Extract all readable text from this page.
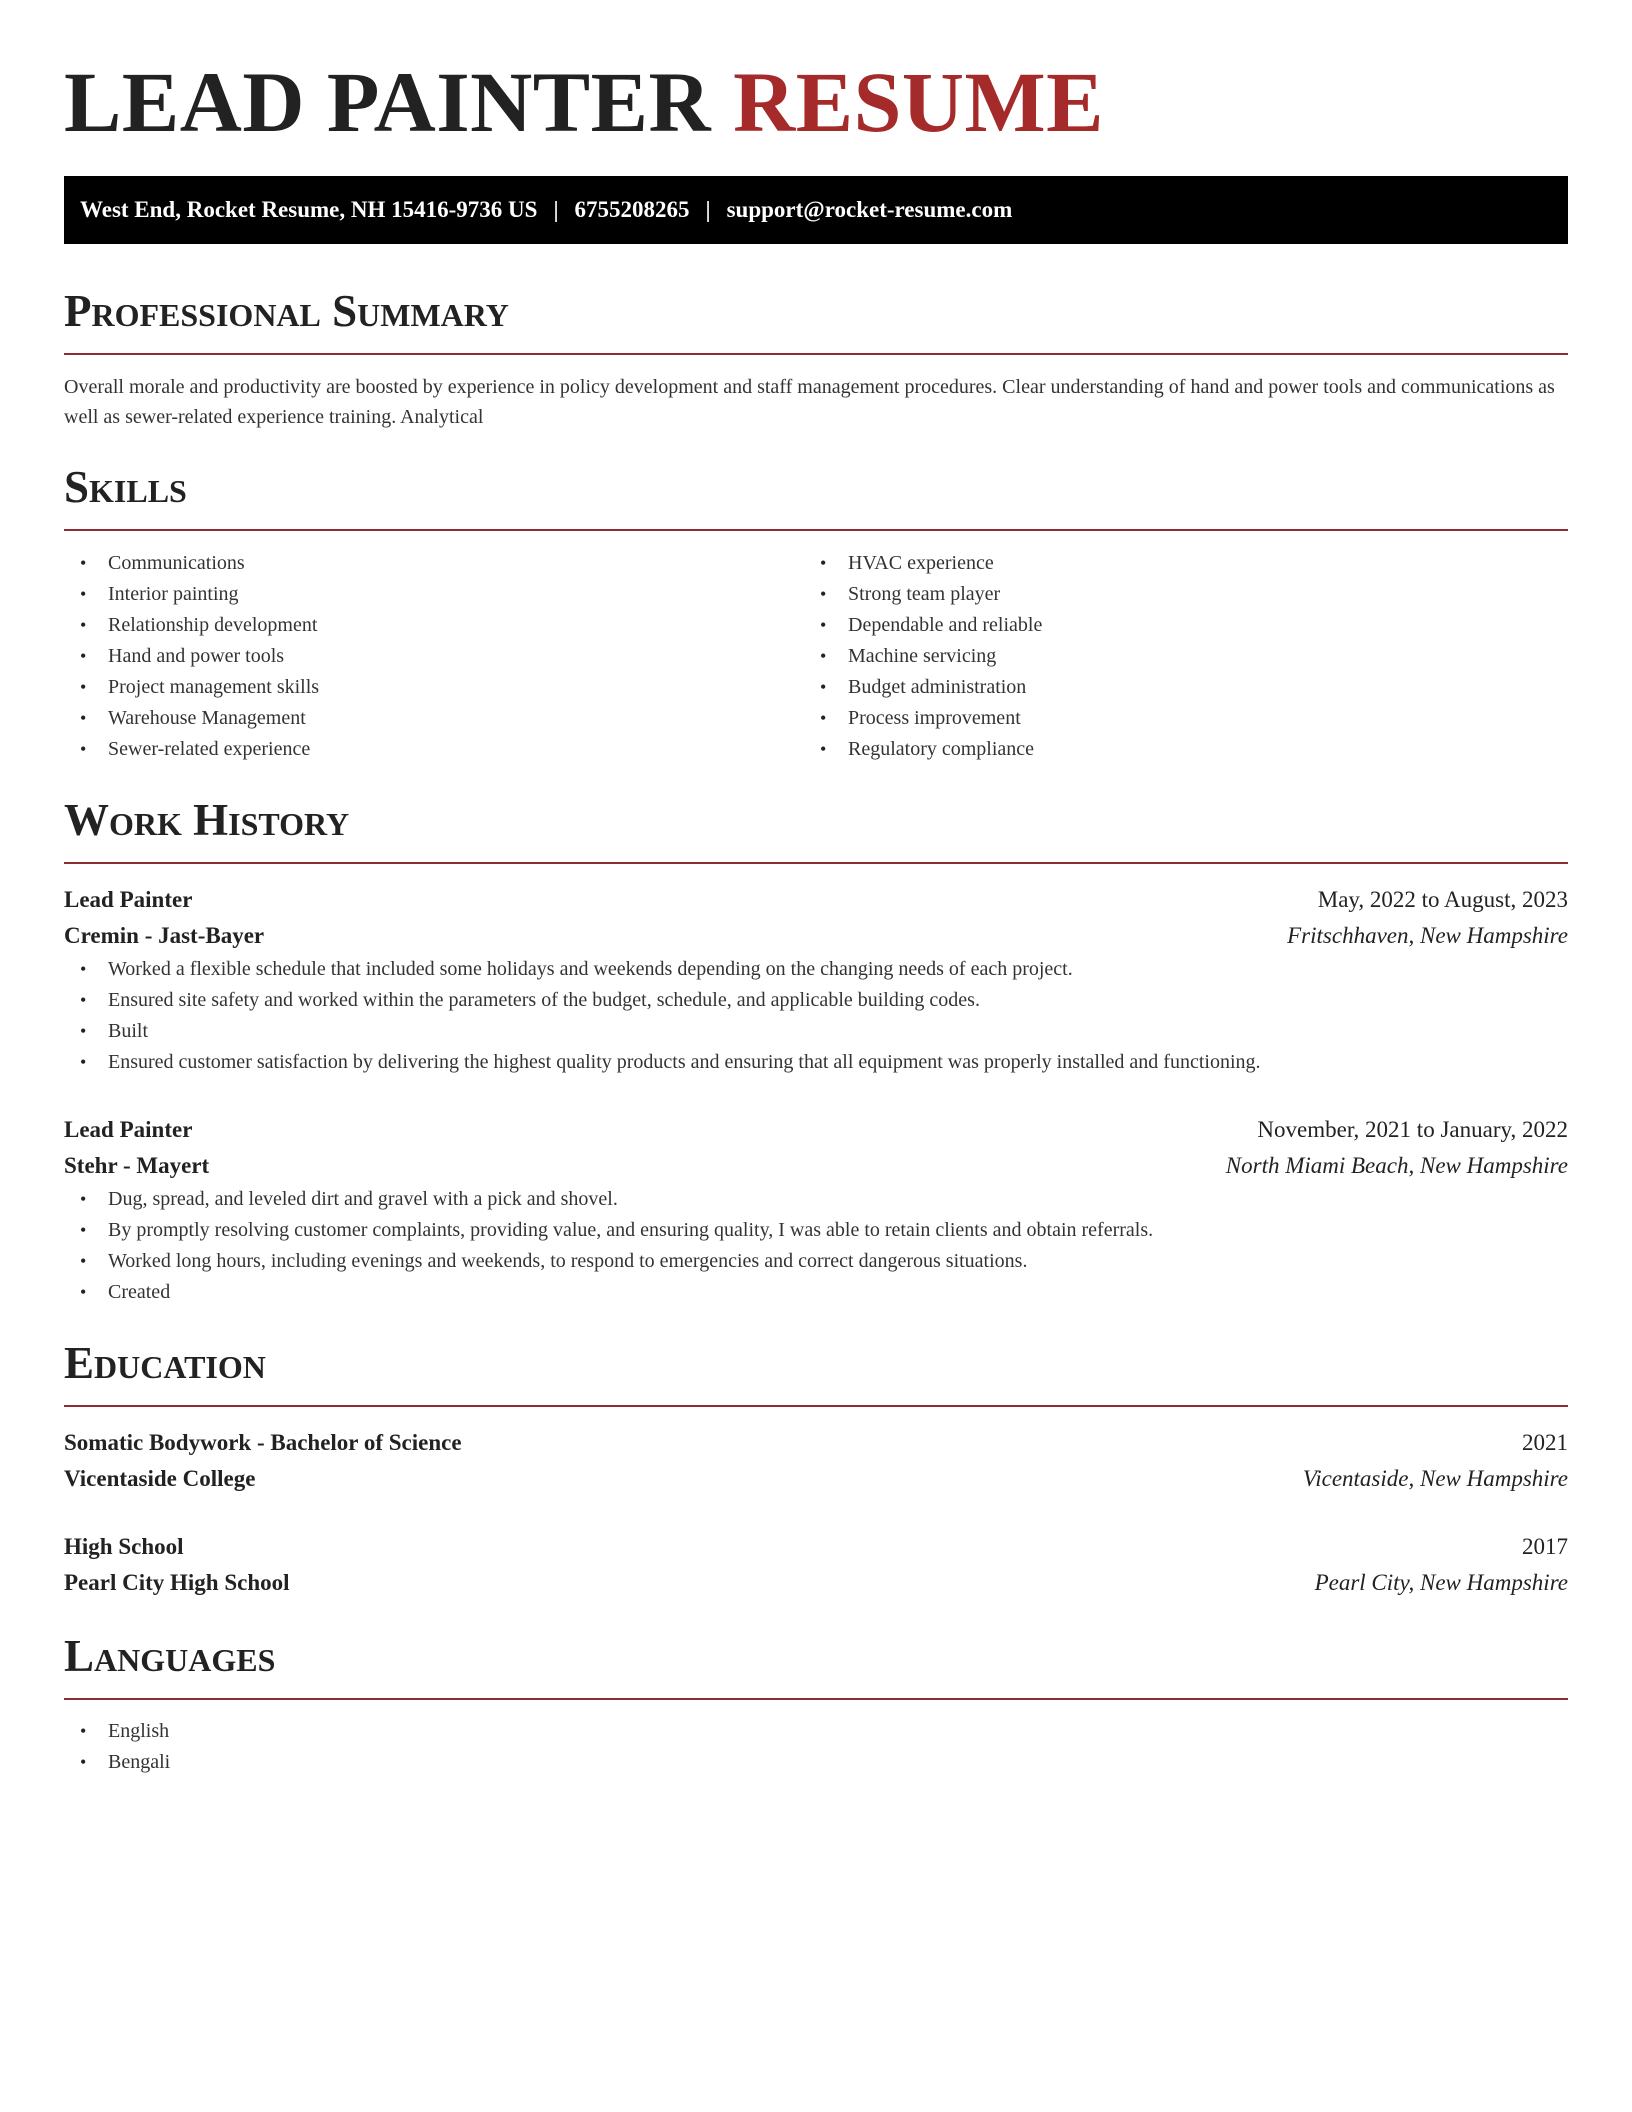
LEAD PAINTER RESUME
West End, Rocket Resume, NH 15416-9736 US | 6755208265 | support@rocket-resume.com
Professional Summary
Overall morale and productivity are boosted by experience in policy development and staff management procedures. Clear understanding of hand and power tools and communications as well as sewer-related experience training. Analytical
Skills
• Communications
• Interior painting
• Relationship development
• Hand and power tools
• Project management skills
• Warehouse Management
• Sewer-related experience
• HVAC experience
• Strong team player
• Dependable and reliable
• Machine servicing
• Budget administration
• Process improvement
• Regulatory compliance
Work History
Lead Painter	May, 2022 to August, 2023
Cremin - Jast-Bayer	Fritschhaven, New Hampshire
• Worked a flexible schedule that included some holidays and weekends depending on the changing needs of each project.
• Ensured site safety and worked within the parameters of the budget, schedule, and applicable building codes.
• Built
• Ensured customer satisfaction by delivering the highest quality products and ensuring that all equipment was properly installed and functioning.
Lead Painter	November, 2021 to January, 2022
Stehr - Mayert	North Miami Beach, New Hampshire
• Dug, spread, and leveled dirt and gravel with a pick and shovel.
• By promptly resolving customer complaints, providing value, and ensuring quality, I was able to retain clients and obtain referrals.
• Worked long hours, including evenings and weekends, to respond to emergencies and correct dangerous situations.
• Created
Education
Somatic Bodywork - Bachelor of Science	2021
Vicentaside College	Vicentaside, New Hampshire
High School	2017
Pearl City High School	Pearl City, New Hampshire
Languages
• English
• Bengali
